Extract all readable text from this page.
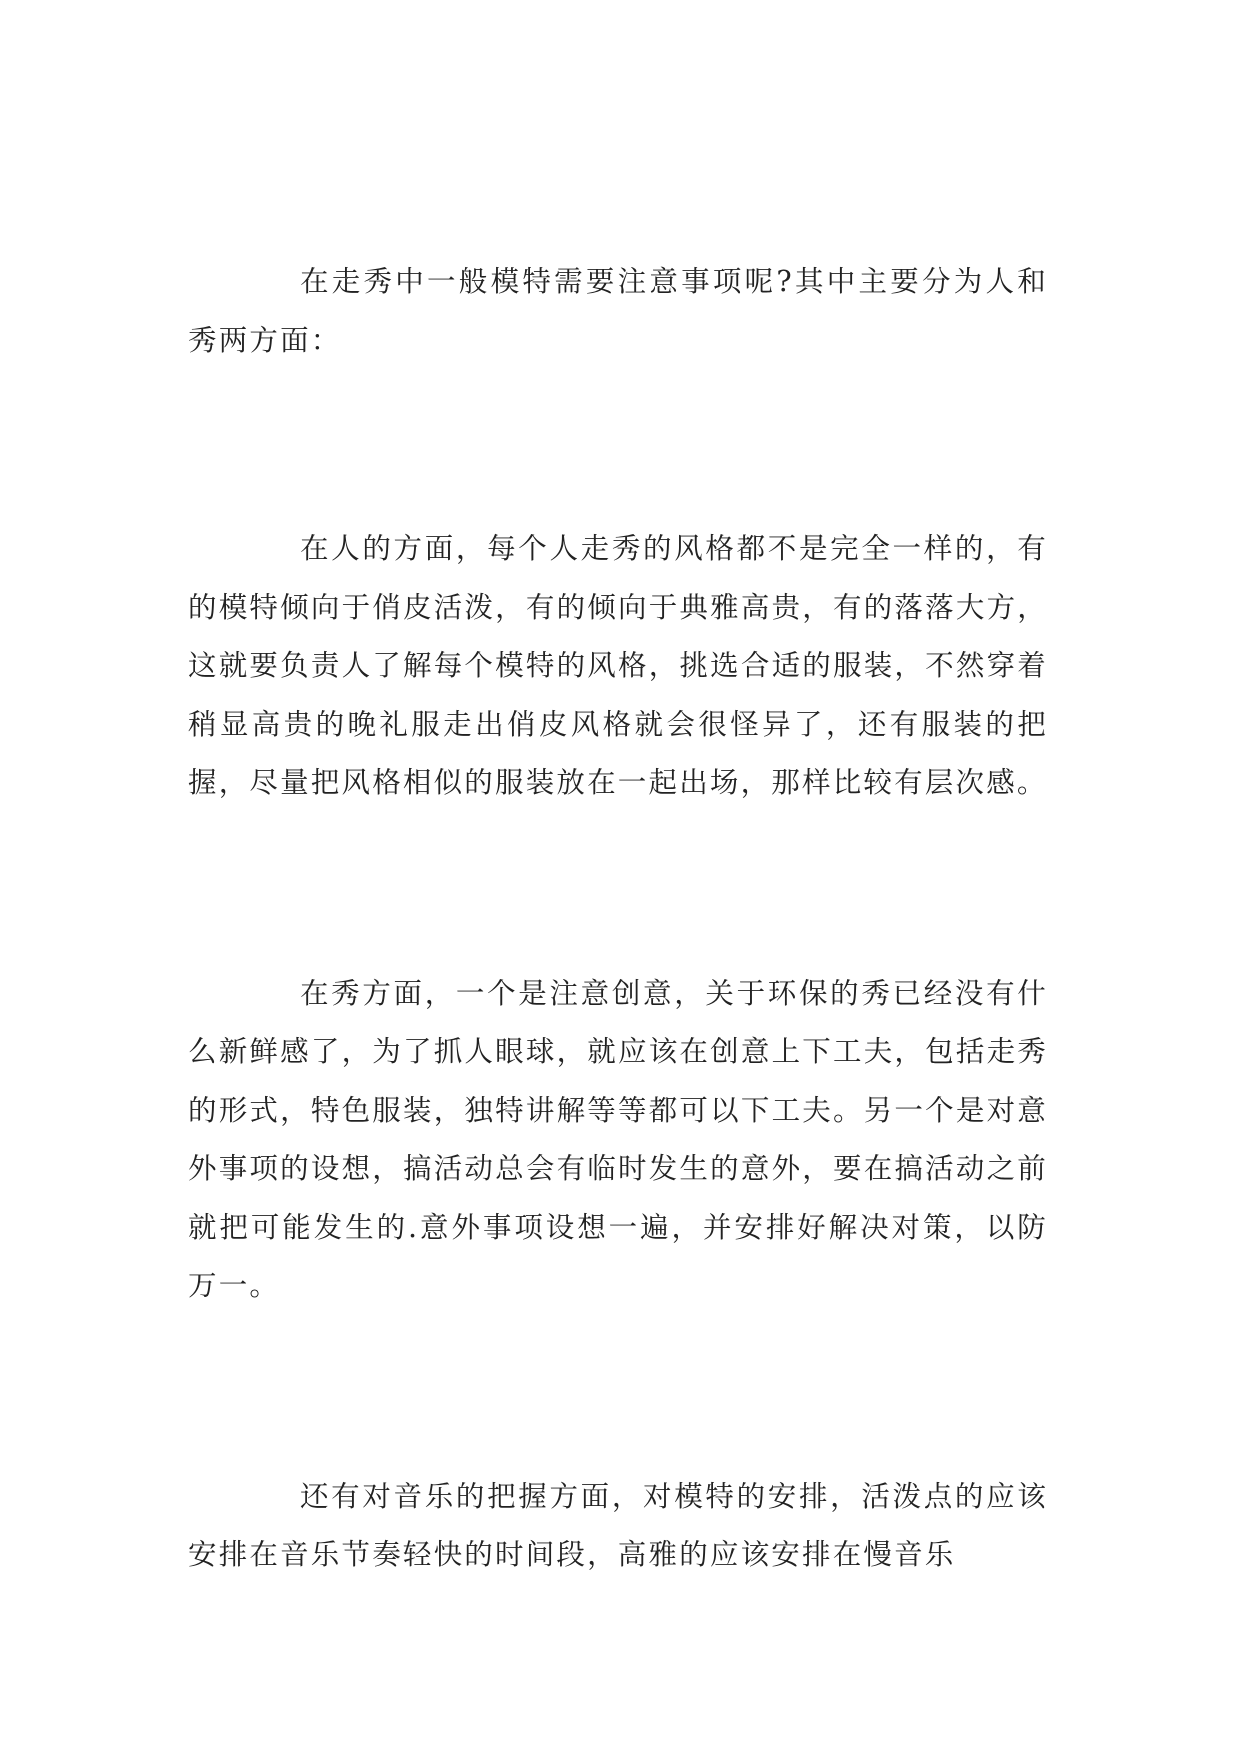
在走秀中一般模特需要注意事项呢?其中主要分为人和秀两方面：

在人的方面，每个人走秀的风格都不是完全一样的，有的模特倾向于俏皮活泼，有的倾向于典雅高贵，有的落落大方，这就要负责人了解每个模特的风格，挑选合适的服装，不然穿着稍显高贵的晚礼服走出俏皮风格就会很怪异了，还有服装的把握，尽量把风格相似的服装放在一起出场，那样比较有层次感。

在秀方面，一个是注意创意，关于环保的秀已经没有什么新鲜感了，为了抓人眼球，就应该在创意上下工夫，包括走秀的形式，特色服装，独特讲解等等都可以下工夫。另一个是对意外事项的设想，搞活动总会有临时发生的意外，要在搞活动之前就把可能发生的.意外事项设想一遍，并安排好解决对策，以防万一。

还有对音乐的把握方面，对模特的安排，活泼点的应该安排在音乐节奏轻快的时间段，高雅的应该安排在慢音乐
